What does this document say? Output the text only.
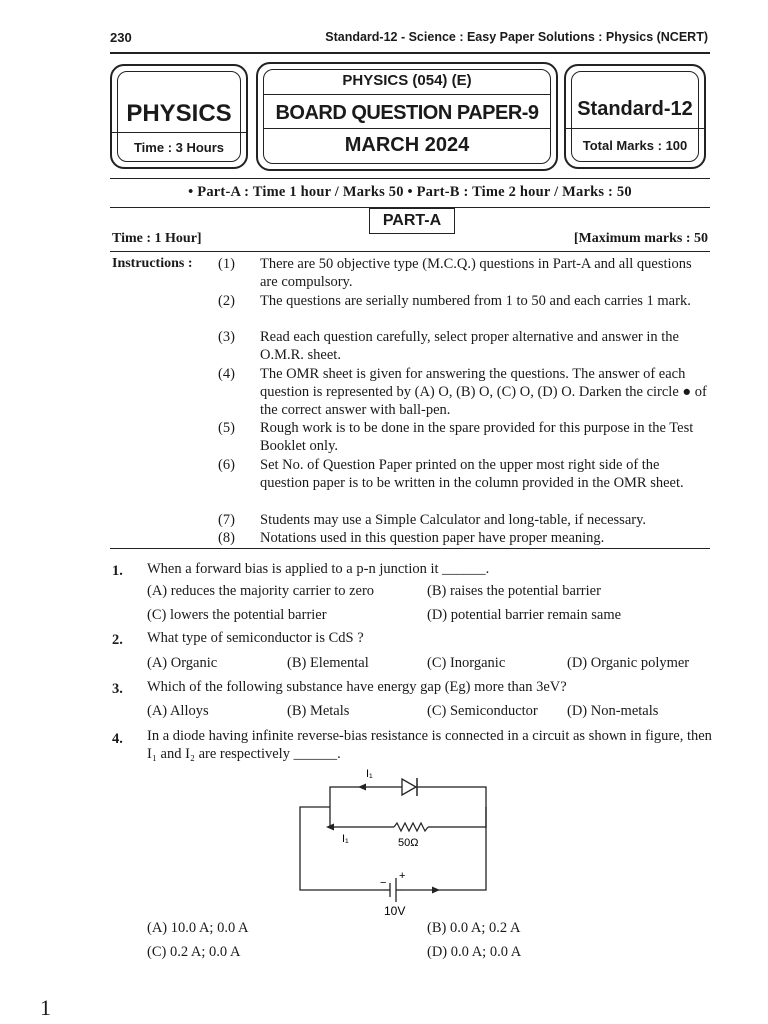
230	Standard-12 - Science : Easy Paper Solutions : Physics (NCERT)
PHYSICS
Time : 3 Hours
PHYSICS (054) (E)
BOARD QUESTION PAPER-9
MARCH 2024
Standard-12
Total Marks : 100
• Part-A : Time 1 hour / Marks 50 • Part-B : Time 2 hour / Marks : 50
PART-A
Time : 1 Hour]	[Maximum marks : 50
Instructions : (1)	There are 50 objective type (M.C.Q.) questions in Part-A and all questions are compulsory.
(2)	The questions are serially numbered from 1 to 50 and each carries 1 mark.
(3)	Read each question carefully, select proper alternative and answer in the O.M.R. sheet.
(4)	The OMR sheet is given for answering the questions. The answer of each question is represented by (A) O, (B) O, (C) O, (D) O. Darken the circle ● of the correct answer with ball-pen.
(5)	Rough work is to be done in the spare provided for this purpose in the Test Booklet only.
(6)	Set No. of Question Paper printed on the upper most right side of the question paper is to be written in the column provided in the OMR sheet.
(7)	Students may use a Simple Calculator and long-table, if necessary.
(8)	Notations used in this question paper have proper meaning.
1. When a forward bias is applied to a p-n junction it ______.
(A) reduces the majority carrier to zero	(B) raises the potential barrier
(C) lowers the potential barrier	(D) potential barrier remain same
2. What type of semiconductor is CdS ?
(A) Organic	(B) Elemental	(C) Inorganic	(D) Organic polymer
3. Which of the following substance have energy gap (Eg) more than 3eV?
(A) Alloys	(B) Metals	(C) Semiconductor (D) Non-metals
4. In a diode having infinite reverse-bias resistance is connected in a circuit as shown in figure, then I₁ and I₂ are respectively ______.
I₁
I₁	50Ω
−
+
10V
(A) 10.0 A; 0.0 A	(B) 0.0 A; 0.2 A
(C) 0.2 A; 0.0 A	(D) 0.0 A; 0.0 A
1
